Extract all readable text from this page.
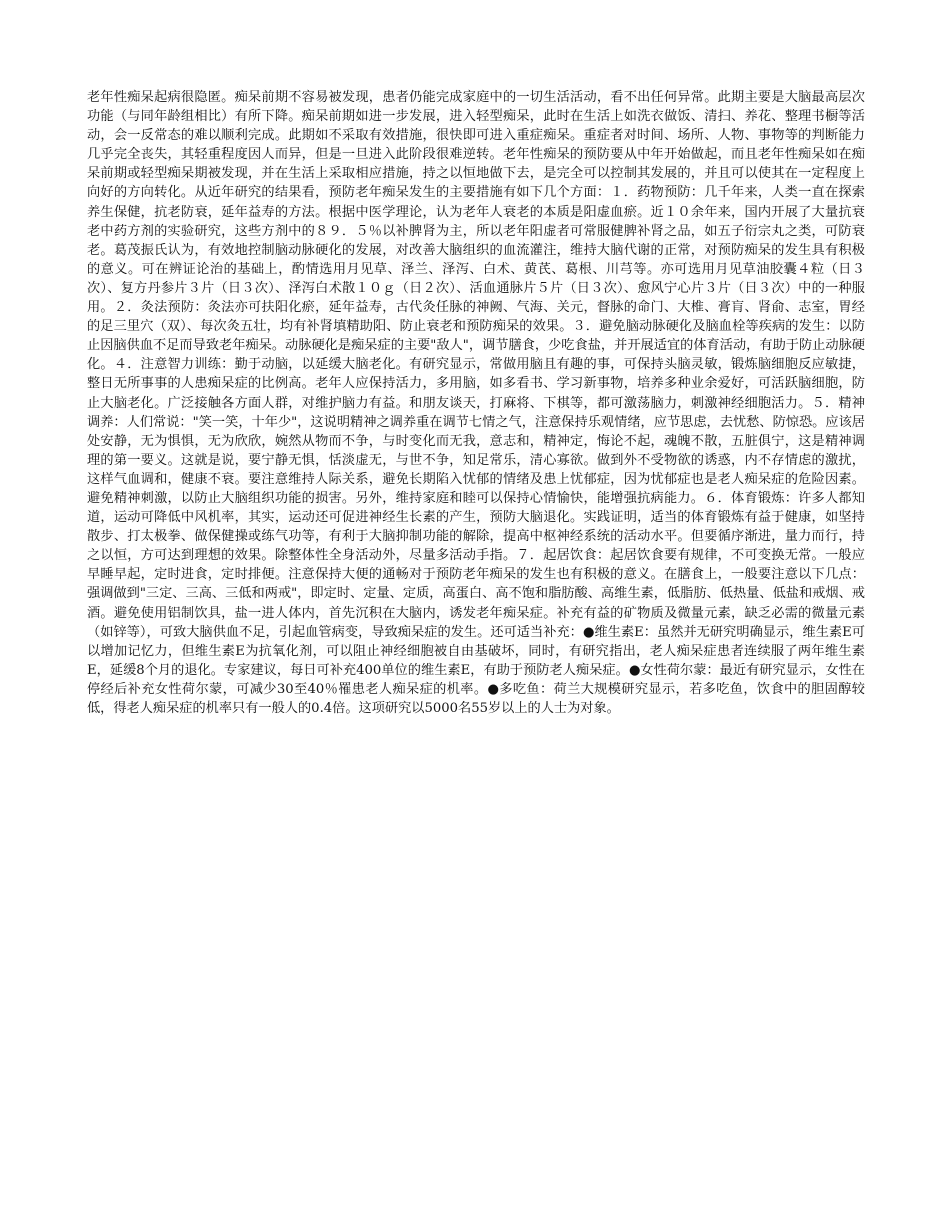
老年性痴呆起病很隐匿。痴呆前期不容易被发现，患者仍能完成家庭中的一切生活活动，看不出任何异常。此期主要是大脑最高层次功能（与同年龄组相比）有所下降。痴呆前期如进一步发展，进入轻型痴呆，此时在生活上如洗衣做饭、清扫、养花、整理书橱等活动，会一反常态的难以顺利完成。此期如不采取有效措施，很快即可进入重症痴呆。重症者对时间、场所、人物、事物等的判断能力几乎完全丧失，其轻重程度因人而异，但是一旦进入此阶段很难逆转。老年性痴呆的预防要从中年开始做起，而且老年性痴呆如在痴呆前期或轻型痴呆期被发现，并在生活上采取相应措施，持之以恒地做下去，是完全可以控制其发展的，并且可以使其在一定程度上向好的方向转化。从近年研究的结果看，预防老年痴呆发生的主要措施有如下几个方面：１．药物预防：几千年来，人类一直在探索养生保健，抗老防衰，延年益寿的方法。根据中医学理论，认为老年人衰老的本质是阳虚血瘀。近１０余年来，国内开展了大量抗衰老中药方剂的实验研究，这些方剂中的８９．５％以补脾肾为主，所以老年阳虚者可常服健脾补肾之品，如五子衍宗丸之类，可防衰老。葛茂振氏认为，有效地控制脑动脉硬化的发展，对改善大脑组织的血流灌注，维持大脑代谢的正常，对预防痴呆的发生具有积极的意义。可在辨证论治的基础上，酌情选用月见草、泽兰、泽泻、白术、黄芪、葛根、川芎等。亦可选用月见草油胶囊４粒（日３次）、复方丹参片３片（日３次）、泽泻白术散１０ｇ（日２次）、活血通脉片５片（日３次）、愈风宁心片３片（日３次）中的一种服用。２．灸法预防：灸法亦可扶阳化瘀，延年益寿，古代灸任脉的神阙、气海、关元，督脉的命门、大椎、膏肓、肾俞、志室，胃经的足三里穴（双）、每次灸五壮，均有补肾填精助阳、防止衰老和预防痴呆的效果。３．避免脑动脉硬化及脑血栓等疾病的发生：以防止因脑供血不足而导致老年痴呆。动脉硬化是痴呆症的主要"敌人"，调节膳食，少吃食盐，并开展适宜的体育活动，有助于防止动脉硬化。４．注意智力训练：勤于动脑，以延缓大脑老化。有研究显示，常做用脑且有趣的事，可保持头脑灵敏，锻炼脑细胞反应敏捷，整日无所事事的人患痴呆症的比例高。老年人应保持活力，多用脑，如多看书、学习新事物，培养多种业余爱好，可活跃脑细胞，防止大脑老化。广泛接触各方面人群，对维护脑力有益。和朋友谈天，打麻将、下棋等，都可激荡脑力，刺激神经细胞活力。５．精神调养：人们常说："笑一笑，十年少"，这说明精神之调养重在调节七情之气，注意保持乐观情绪，应节思虑，去忧愁、防惊恐。应该居处安静，无为惧惧，无为欣欣，婉然从物而不争，与时变化而无我，意志和，精神定，悔论不起，魂魄不散，五脏俱宁，这是精神调理的第一要义。这就是说，要宁静无惧，恬淡虚无，与世不争，知足常乐，清心寡欲。做到外不受物欲的诱惑，内不存情虑的激扰，这样气血调和，健康不衰。要注意维持人际关系，避免长期陷入忧郁的情绪及患上忧郁症，因为忧郁症也是老人痴呆症的危险因素。避免精神刺激，以防止大脑组织功能的损害。另外，维持家庭和睦可以保持心情愉快，能增强抗病能力。６．体育锻炼：许多人都知道，运动可降低中风机率，其实，运动还可促进神经生长素的产生，预防大脑退化。实践证明，适当的体育锻炼有益于健康，如坚持散步、打太极拳、做保健操或练气功等，有利于大脑抑制功能的解除，提高中枢神经系统的活动水平。但要循序渐进，量力而行，持之以恒，方可达到理想的效果。除整体性全身活动外，尽量多活动手指。７．起居饮食：起居饮食要有规律，不可变换无常。一般应早睡早起，定时进食，定时排便。注意保持大便的通畅对于预防老年痴呆的发生也有积极的意义。在膳食上，一般要注意以下几点：强调做到"三定、三高、三低和两戒"，即定时、定量、定质，高蛋白、高不饱和脂肪酸、高维生素，低脂肪、低热量、低盐和戒烟、戒酒。避免使用铝制饮具，盐一进人体内，首先沉积在大脑内，诱发老年痴呆症。补充有益的矿物质及微量元素，缺乏必需的微量元素（如锌等），可致大脑供血不足，引起血管病变，导致痴呆症的发生。还可适当补充：●维生素E：虽然并无研究明确显示，维生素E可以增加记忆力，但维生素E为抗氧化剂，可以阻止神经细胞被自由基破坏，同时，有研究指出，老人痴呆症患者连续服了两年维生素E，延缓8个月的退化。专家建议，每日可补充400单位的维生素E，有助于预防老人痴呆症。●女性荷尔蒙：最近有研究显示，女性在停经后补充女性荷尔蒙，可减少30至40％罹患老人痴呆症的机率。●多吃鱼：荷兰大规模研究显示，若多吃鱼，饮食中的胆固醇较低，得老人痴呆症的机率只有一般人的0.4倍。这项研究以5000名55岁以上的人士为对象。
